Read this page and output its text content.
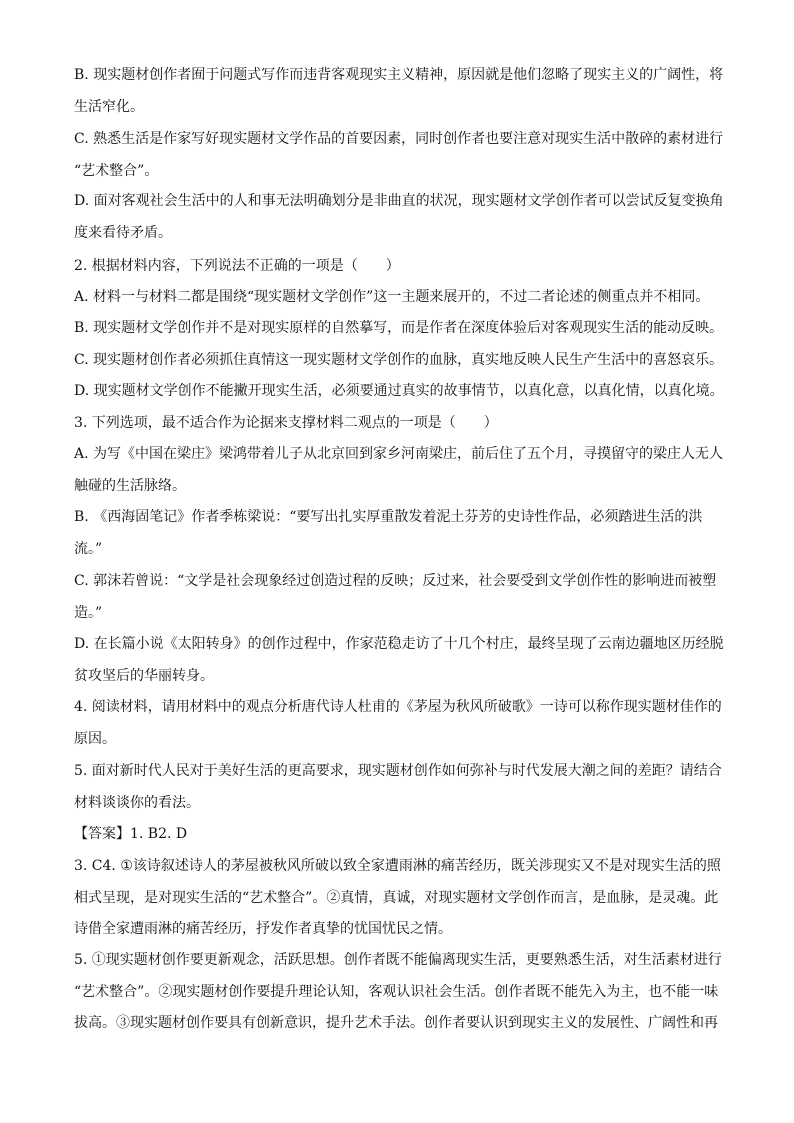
B. 现实题材创作者囿于问题式写作而违背客观现实主义精神，原因就是他们忽略了现实主义的广阔性，将
生活窄化。
C. 熟悉生活是作家写好现实题材文学作品的首要因素，同时创作者也要注意对现实生活中散碎的素材进行
“艺术整合”。
D. 面对客观社会生活中的人和事无法明确划分是非曲直的状况，现实题材文学创作者可以尝试反复变换角
度来看待矛盾。
2. 根据材料内容，下列说法不正确的一项是（　　）
A. 材料一与材料二都是围绕“现实题材文学创作”这一主题来展开的，不过二者论述的侧重点并不相同。
B. 现实题材文学创作并不是对现实原样的自然摹写，而是作者在深度体验后对客观现实生活的能动反映。
C. 现实题材创作者必须抓住真情这一现实题材文学创作的血脉，真实地反映人民生产生活中的喜怒哀乐。
D. 现实题材文学创作不能撇开现实生活，必须要通过真实的故事情节，以真化意，以真化情，以真化境。
3. 下列选项，最不适合作为论据来支撑材料二观点的一项是（　　）
A. 为写《中国在梁庄》梁鸿带着儿子从北京回到家乡河南梁庄，前后住了五个月，寻摸留守的梁庄人无人
触碰的生活脉络。
B. 《西海固笔记》作者季栋梁说：“要写出扎实厚重散发着泥土芬芳的史诗性作品，必须踏进生活的洪
流。”
C. 郭沫若曾说：“文学是社会现象经过创造过程的反映；反过来，社会要受到文学创作性的影响进而被塑
造。”
D. 在长篇小说《太阳转身》的创作过程中，作家范稳走访了十几个村庄，最终呈现了云南边疆地区历经脱
贫攻坚后的华丽转身。
4. 阅读材料，请用材料中的观点分析唐代诗人杜甫的《茅屋为秋风所破歌》一诗可以称作现实题材佳作的
原因。
5. 面对新时代人民对于美好生活的更高要求，现实题材创作如何弥补与时代发展大潮之间的差距？请结合
材料谈谈你的看法。
【答案】1. B2. D
3. C4. ①该诗叙述诗人的茅屋被秋风所破以致全家遭雨淋的痛苦经历，既关涉现实又不是对现实生活的照
相式呈现，是对现实生活的“艺术整合”。②真情，真诚，对现实题材文学创作而言，是血脉，是灵魂。此
诗借全家遭雨淋的痛苦经历，抒发作者真挚的忧国忧民之情。
5. ①现实题材创作要更新观念，活跃思想。创作者既不能偏离现实生活，更要熟悉生活，对生活素材进行
“艺术整合”。②现实题材创作要提升理论认知，客观认识社会生活。创作者既不能先入为主，也不能一味
拔高。③现实题材创作要具有创新意识，提升艺术手法。创作者要认识到现实主义的发展性、广阔性和再
